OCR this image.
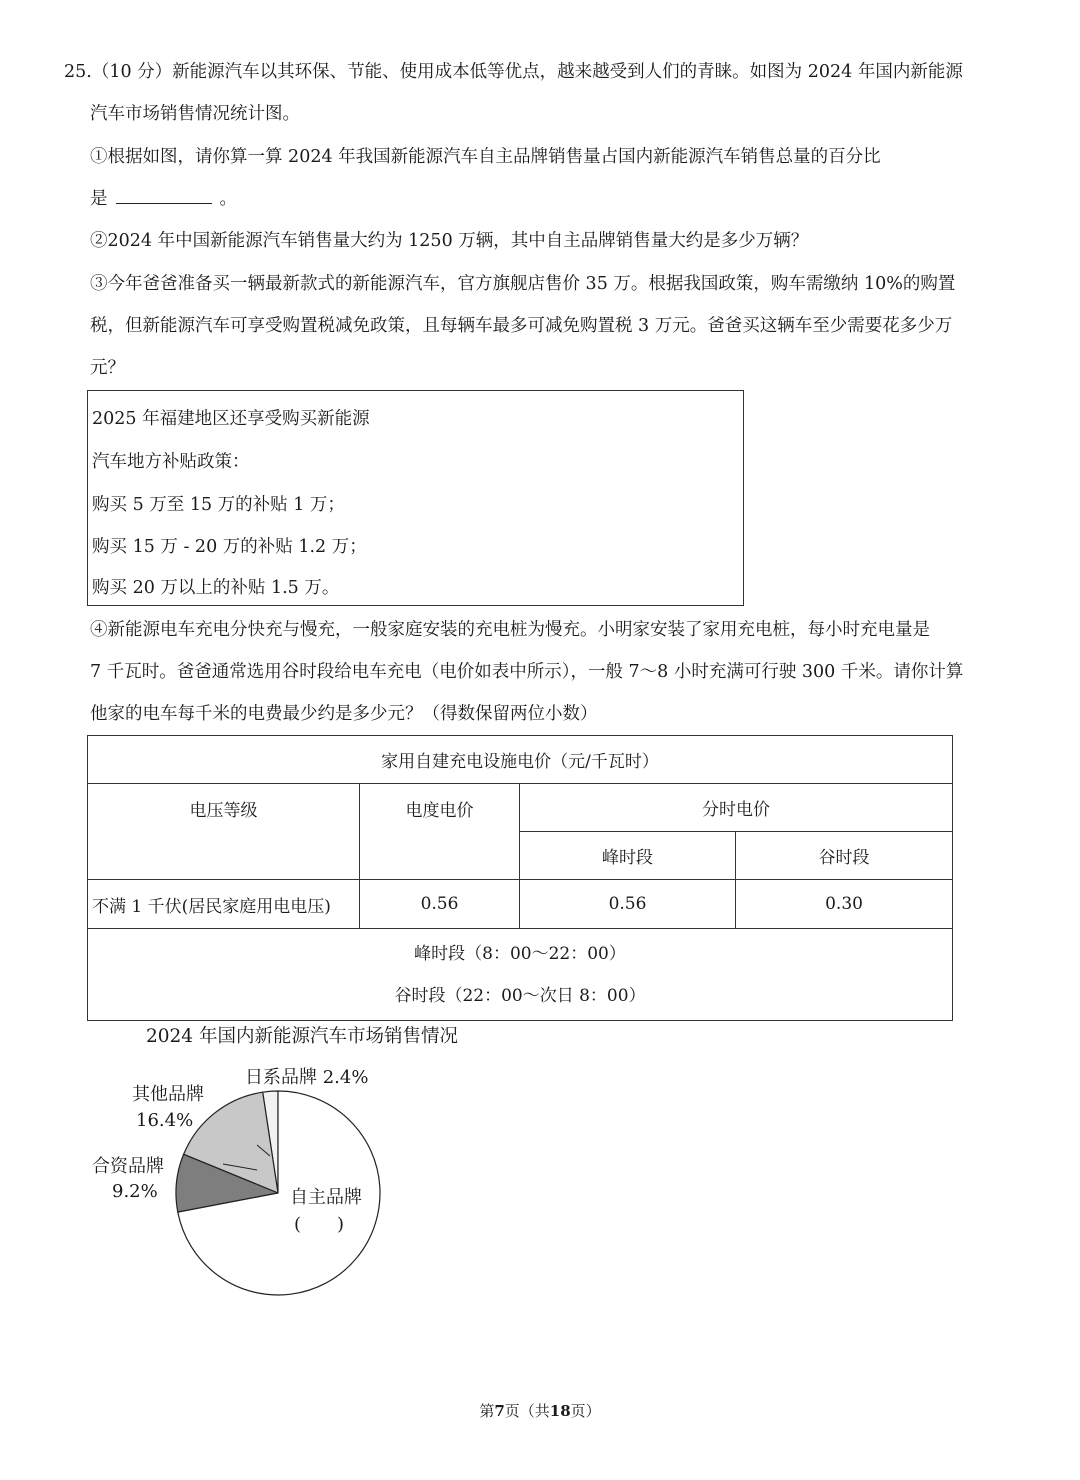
25.（10 分）新能源汽车以其环保、节能、使用成本低等优点，越来越受到人们的青睐。如图为 2024 年国内新能源
汽车市场销售情况统计图。
①根据如图，请你算一算 2024 年我国新能源汽车自主品牌销售量占国内新能源汽车销售总量的百分比
是	。
②2024 年中国新能源汽车销售量大约为 1250 万辆，其中自主品牌销售量大约是多少万辆？
③今年爸爸准备买一辆最新款式的新能源汽车，官方旗舰店售价 35 万。根据我国政策，购车需缴纳 10%的购置
税，但新能源汽车可享受购置税减免政策，且每辆车最多可减免购置税 3 万元。爸爸买这辆车至少需要花多少万
元？
2025 年福建地区还享受购买新能源
汽车地方补贴政策：
购买 5 万至 15 万的补贴 1 万；
购买 15 万 - 20 万的补贴 1.2 万；
购买 20 万以上的补贴 1.5 万。
④新能源电车充电分快充与慢充，一般家庭安装的充电桩为慢充。小明家安装了家用充电桩，每小时充电量是
7 千瓦时。爸爸通常选用谷时段给电车充电（电价如表中所示），一般 7～8 小时充满可行驶 300 千米。请你计算
他家的电车每千米的电费最少约是多少元？（得数保留两位小数）
家用自建充电设施电价（元/千瓦时）			
电压等级	电度电价	分时电价	
		峰时段	谷时段
不满 1 千伏(居民家庭用电电压)	0.56	0.56	0.30

峰时段（8：00～22：00）
谷时段（22：00～次日 8：00）			
2024 年国内新能源汽车市场销售情况
日系品牌 2.4%
其他品牌
16.4%
合资品牌
9.2%	自主品牌
(　　)
第7页（共18页）
